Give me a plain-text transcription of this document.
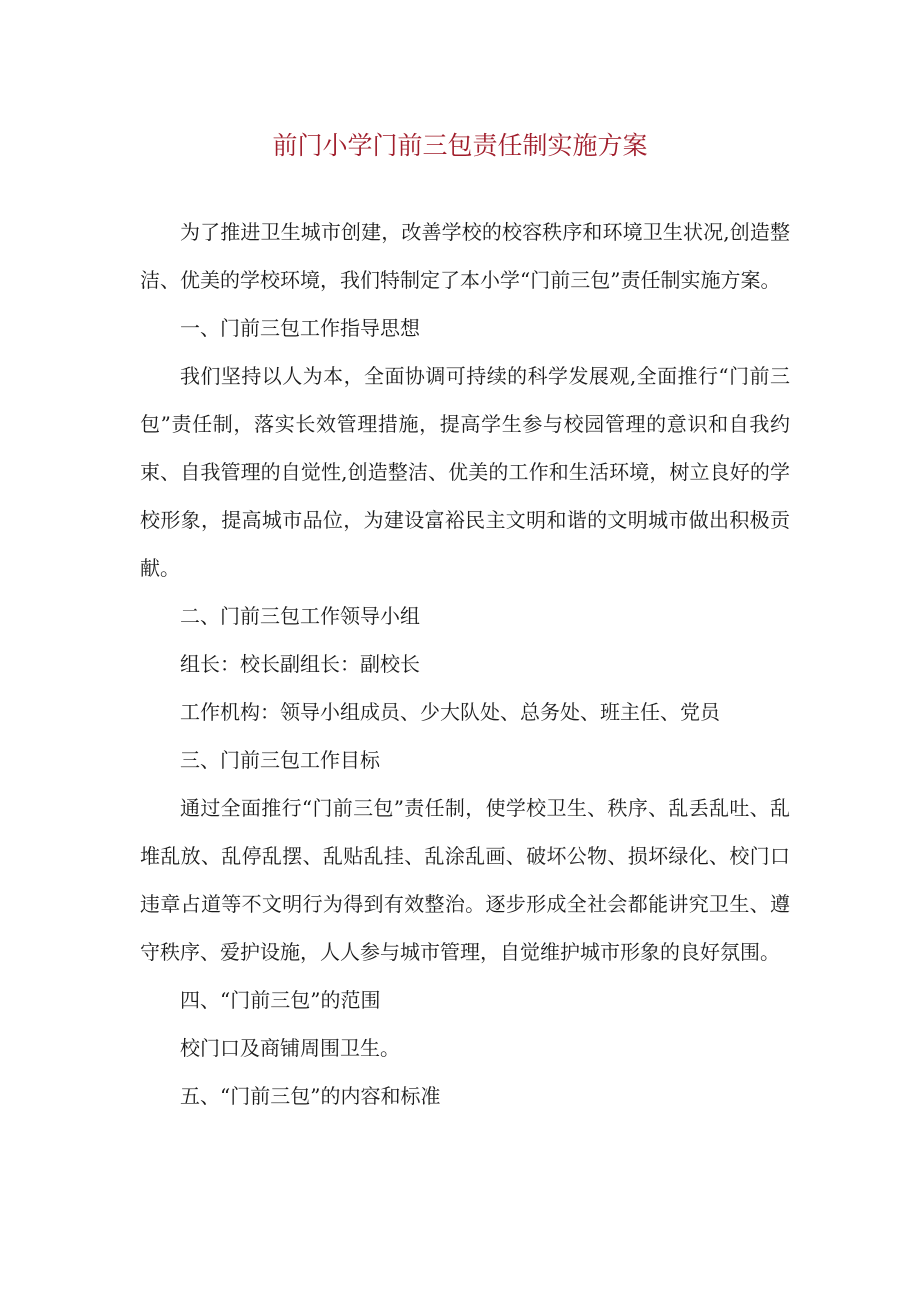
前门小学门前三包责任制实施方案

为了推进卫生城市创建，改善学校的校容秩序和环境卫生状况,创造整洁、优美的学校环境，我们特制定了本小学“门前三包”责任制实施方案。

一、门前三包工作指导思想

我们坚持以人为本，全面协调可持续的科学发展观,全面推行“门前三包”责任制，落实长效管理措施，提高学生参与校园管理的意识和自我约束、自我管理的自觉性,创造整洁、优美的工作和生活环境，树立良好的学校形象，提高城市品位，为建设富裕民主文明和谐的文明城市做出积极贡献。

二、门前三包工作领导小组

组长：校长副组长：副校长

工作机构：领导小组成员、少大队处、总务处、班主任、党员

三、门前三包工作目标

通过全面推行“门前三包”责任制，使学校卫生、秩序、乱丢乱吐、乱堆乱放、乱停乱摆、乱贴乱挂、乱涂乱画、破坏公物、损坏绿化、校门口违章占道等不文明行为得到有效整治。逐步形成全社会都能讲究卫生、遵守秩序、爱护设施，人人参与城市管理，自觉维护城市形象的良好氛围。

四、“门前三包”的范围

校门口及商铺周围卫生。

五、“门前三包”的内容和标准
